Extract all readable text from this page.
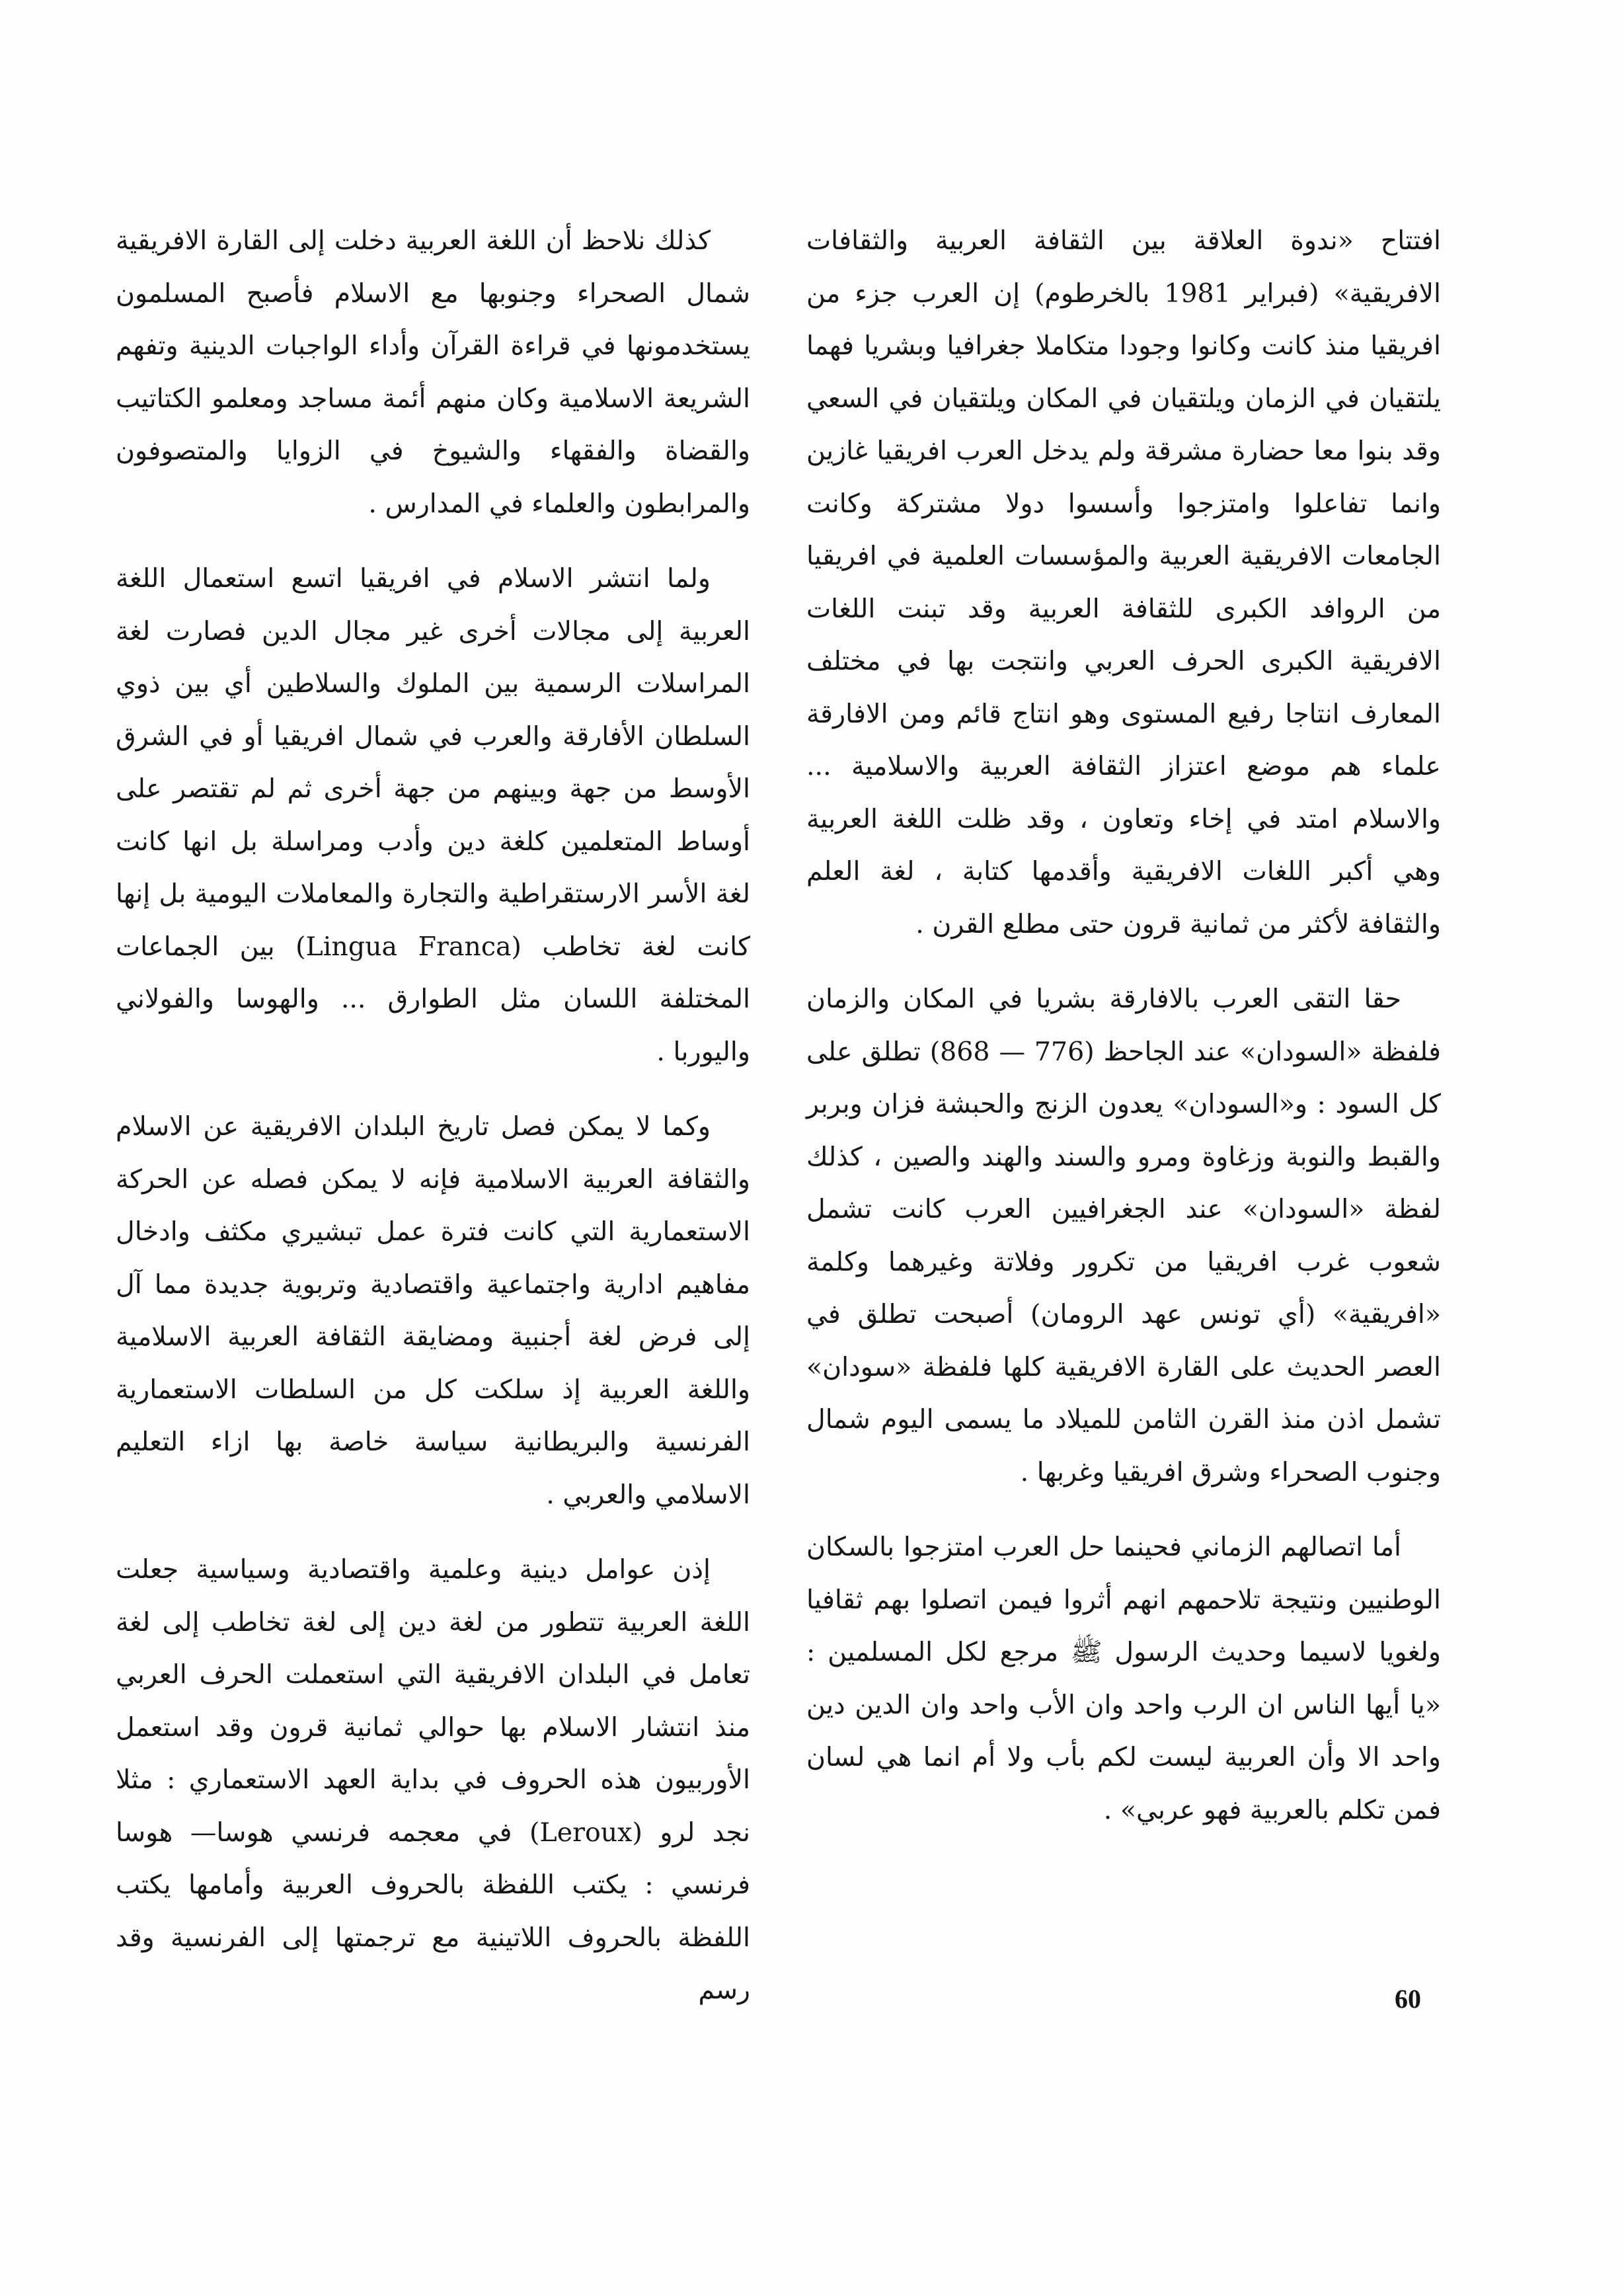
افتتاح «ندوة العلاقة بين الثقافة العربية والثقافات الافريقية» (فبراير 1981 بالخرطوم) إن العرب جزء من افريقيا منذ كانت وكانوا وجودا متكاملا جغرافيا وبشريا فهما يلتقيان في الزمان ويلتقيان في المكان ويلتقيان في السعي وقد بنوا معا حضارة مشرقة ولم يدخل العرب افريقيا غازين وانما تفاعلوا وامتزجوا وأسسوا دولا مشتركة وكانت الجامعات الافريقية العربية والمؤسسات العلمية في افريقيا من الروافد الكبرى للثقافة العربية وقد تبنت اللغات الافريقية الكبرى الحرف العربي وانتجت بها في مختلف المعارف انتاجا رفيع المستوى وهو انتاج قائم ومن الافارقة علماء هم موضع اعتزاز الثقافة العربية والاسلامية ... والاسلام امتد في إخاء وتعاون ، وقد ظلت اللغة العربية وهي أكبر اللغات الافريقية وأقدمها كتابة ، لغة العلم والثقافة لأكثر من ثمانية قرون حتى مطلع القرن .

حقا التقى العرب بالافارقة بشريا في المكان والزمان فلفظة «السودان» عند الجاحظ (776 — 868) تطلق على كل السود : و«السودان» يعدون الزنج والحبشة فزان وبربر والقبط والنوبة وزغاوة ومرو والسند والهند والصين ، كذلك لفظة «السودان» عند الجغرافيين العرب كانت تشمل شعوب غرب افريقيا من تكرور وفلاتة وغيرهما وكلمة «افريقية» (أي تونس عهد الرومان) أصبحت تطلق في العصر الحديث على القارة الافريقية كلها فلفظة «سودان» تشمل اذن منذ القرن الثامن للميلاد ما يسمى اليوم شمال وجنوب الصحراء وشرق افريقيا وغربها .

أما اتصالهم الزماني فحينما حل العرب امتزجوا بالسكان الوطنيين ونتيجة تلاحمهم انهم أثروا فيمن اتصلوا بهم ثقافيا ولغويا لاسيما وحديث الرسول ﷺ مرجع لكل المسلمين : «يا أيها الناس ان الرب واحد وان الأب واحد وان الدين دين واحد الا وأن العربية ليست لكم بأب ولا أم انما هي لسان فمن تكلم بالعربية فهو عربي» .

كذلك نلاحظ أن اللغة العربية دخلت إلى القارة الافريقية شمال الصحراء وجنوبها مع الاسلام فأصبح المسلمون يستخدمونها في قراءة القرآن وأداء الواجبات الدينية وتفهم الشريعة الاسلامية وكان منهم أئمة مساجد ومعلمو الكتاتيب والقضاة والفقهاء والشيوخ في الزوايا والمتصوفون والمرابطون والعلماء في المدارس .

ولما انتشر الاسلام في افريقيا اتسع استعمال اللغة العربية إلى مجالات أخرى غير مجال الدين فصارت لغة المراسلات الرسمية بين الملوك والسلاطين أي بين ذوي السلطان الأفارقة والعرب في شمال افريقيا أو في الشرق الأوسط من جهة وبينهم من جهة أخرى ثم لم تقتصر على أوساط المتعلمين كلغة دين وأدب ومراسلة بل انها كانت لغة الأسر الارستقراطية والتجارة والمعاملات اليومية بل إنها كانت لغة تخاطب (Lingua Franca) بين الجماعات المختلفة اللسان مثل الطوارق ... والهوسا والفولاني واليوربا .

وكما لا يمكن فصل تاريخ البلدان الافريقية عن الاسلام والثقافة العربية الاسلامية فإنه لا يمكن فصله عن الحركة الاستعمارية التي كانت فترة عمل تبشيري مكثف وادخال مفاهيم ادارية واجتماعية واقتصادية وتربوية جديدة مما آل إلى فرض لغة أجنبية ومضايقة الثقافة العربية الاسلامية واللغة العربية إذ سلكت كل من السلطات الاستعمارية الفرنسية والبريطانية سياسة خاصة بها ازاء التعليم الاسلامي والعربي .

إذن عوامل دينية وعلمية واقتصادية وسياسية جعلت اللغة العربية تتطور من لغة دين إلى لغة تخاطب إلى لغة تعامل في البلدان الافريقية التي استعملت الحرف العربي منذ انتشار الاسلام بها حوالي ثمانية قرون وقد استعمل الأوربيون هذه الحروف في بداية العهد الاستعماري : مثلا نجد لرو (Leroux) في معجمه فرنسي هوسا— هوسا فرنسي : يكتب اللفظة بالحروف العربية وأمامها يكتب اللفظة بالحروف اللاتينية مع ترجمتها إلى الفرنسية وقد رسم	60
